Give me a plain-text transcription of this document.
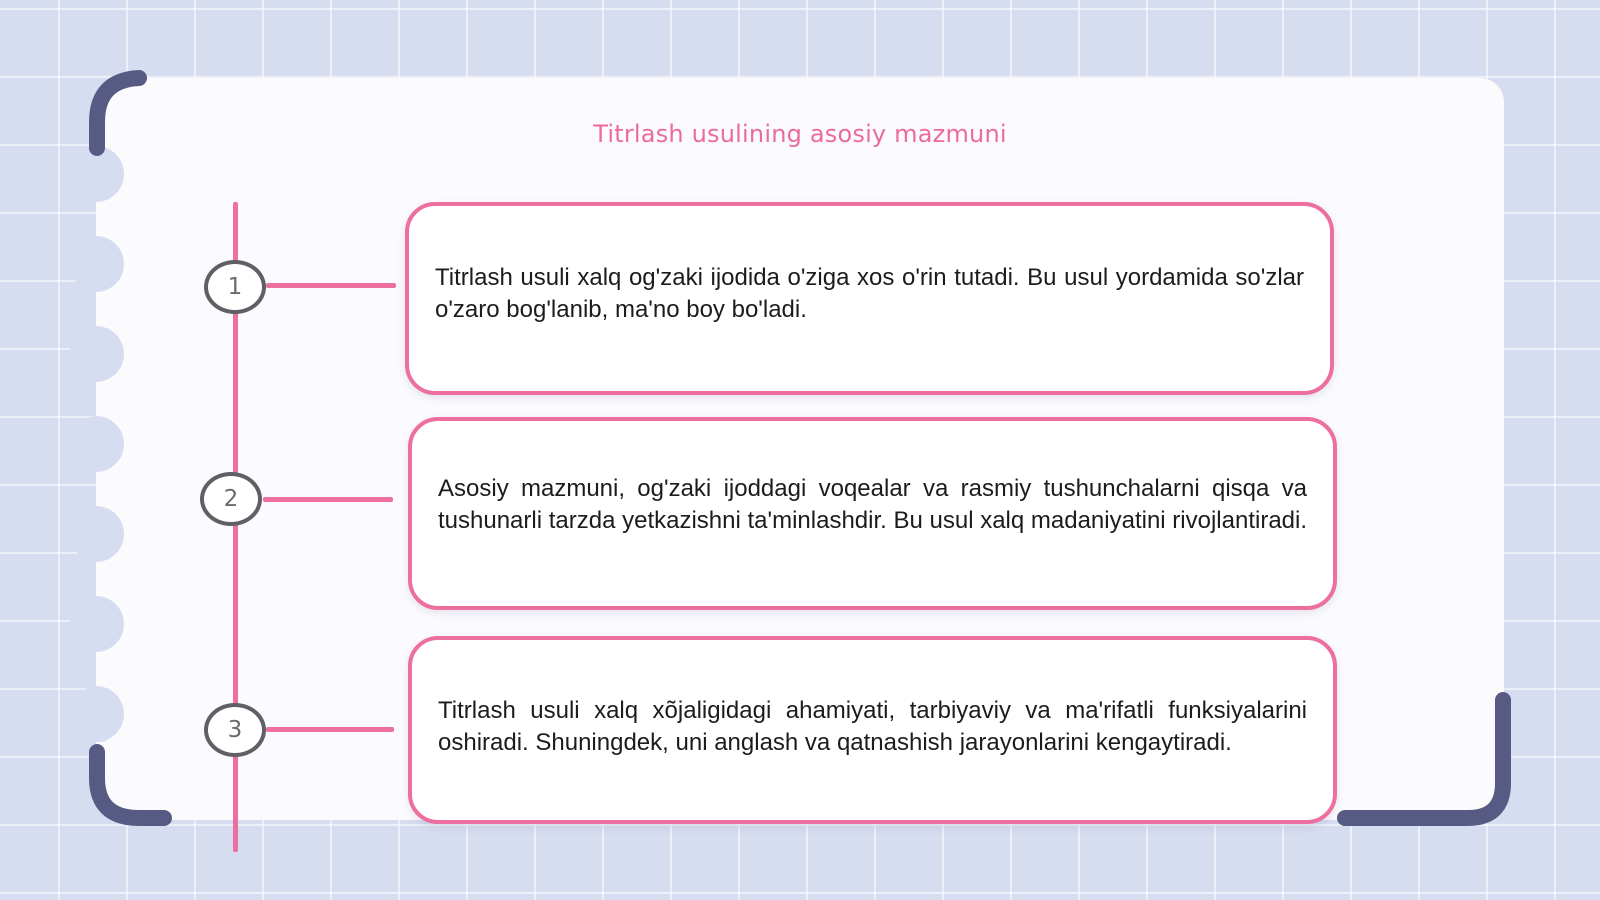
Titrlash usulining asosiy mazmuni
1
2
3

Titrlash usuli xalq og'zaki ijodida o'ziga xos o'rin tutadi. Bu usul yordamida so'zlar o'zaro bog'lanib, ma'no boy bo'ladi.

Asosiy mazmuni, og'zaki ijoddagi voqealar va rasmiy tushunchalarni qisqa va tushunarli tarzda yetkazishni ta'minlashdir. Bu usul xalq madaniyatini rivojlantiradi.

Titrlash usuli xalq xõjaligidagi ahamiyati, tarbiyaviy va ma'rifatli funksiyalarini oshiradi. Shuningdek, uni anglash va qatnashish jarayonlarini kengaytiradi.
